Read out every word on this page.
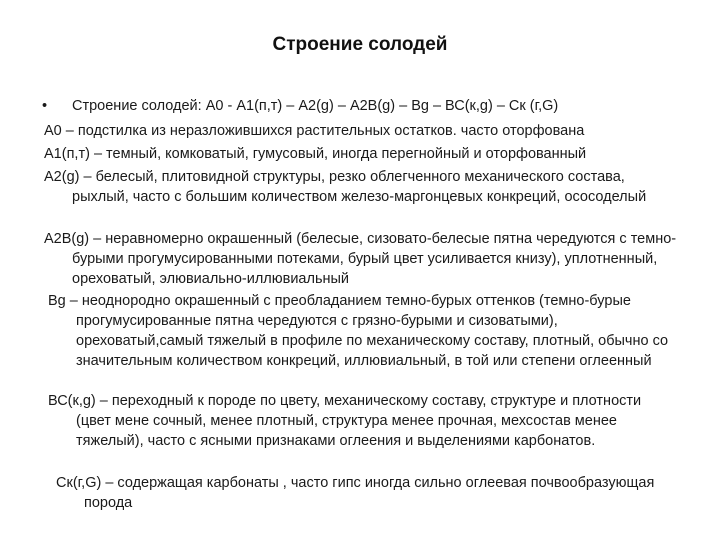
Строение солодей
• Строение солодей: А0 - А1(п,т) – А2(g) – А2В(g) – Вg – ВС(к,g) – Ск (г,G)
А0 – подстилка из неразложившихся растительных остатков. часто оторфована
А1(п,т) – темный, комковатый, гумусовый, иногда перегнойный и оторфованный
А2(g) – белесый, плитовидной структуры, резко облегченного механического состава, рыхлый, часто с большим количеством железо-маргонцевых конкреций, ососоделый
А2В(g) – неравномерно окрашенный (белесые, сизовато-белесые пятна чередуются с темно-бурыми прогумусированными потеками, бурый цвет усиливается книзу), уплотненный, ореховатый, элювиально-иллювиальный
Вg – неоднородно окрашенный с преобладанием темно-бурых оттенков (темно-бурые прогумусированные пятна чередуются с грязно-бурыми и сизоватыми), ореховатый,самый тяжелый в профиле по механическому составу, плотный, обычно со значительным количеством конкреций, иллювиальный, в той или степени оглеенный
ВС(к,g) – переходный к породе по цвету, механическому составу, структуре и плотности (цвет мене сочный, менее плотный, структура менее прочная, мехсостав менее тяжелый), часто с ясными признаками оглеения и выделениями карбонатов.
Ск(г,G) – содержащая карбонаты , часто гипс иногда сильно оглеевая почвообразующая порода
